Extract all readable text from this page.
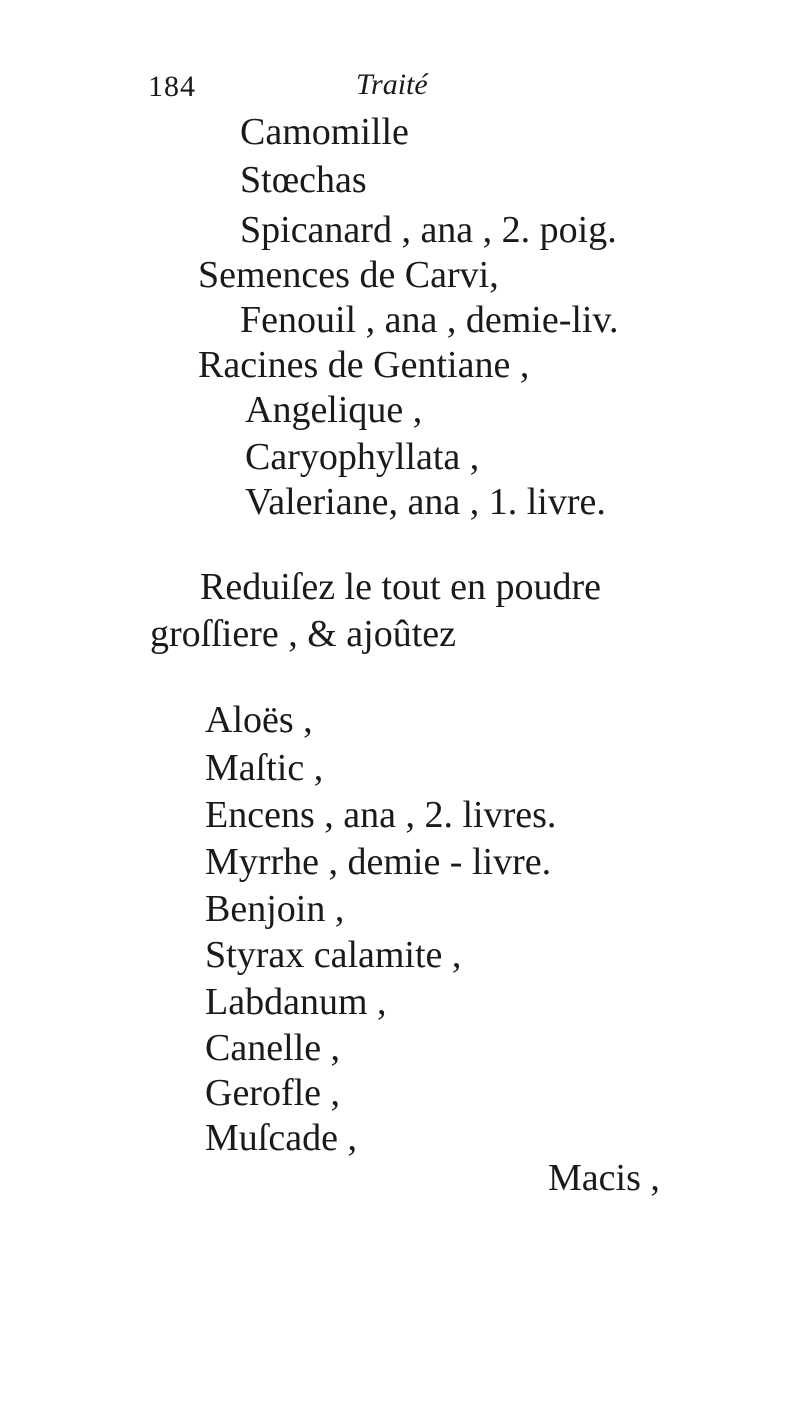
184	Traité
Camomille
Stœchas
Spicanard , ana , 2. poig.
Semences de Carvi,
Fenouil , ana , demie-liv.
Racines de Gentiane ,
Angelique ,
Caryophyllata ,
Valeriane, ana , 1. livre.
Reduiſez le tout en poudre
groſſiere , & ajoûtez
Aloës ,
Maſtic ,
Encens , ana , 2. livres.
Myrrhe , demie - livre.
Benjoin ,
Styrax calamite ,
Labdanum ,
Canelle ,
Gerofle ,
Muſcade ,
Macis ,
